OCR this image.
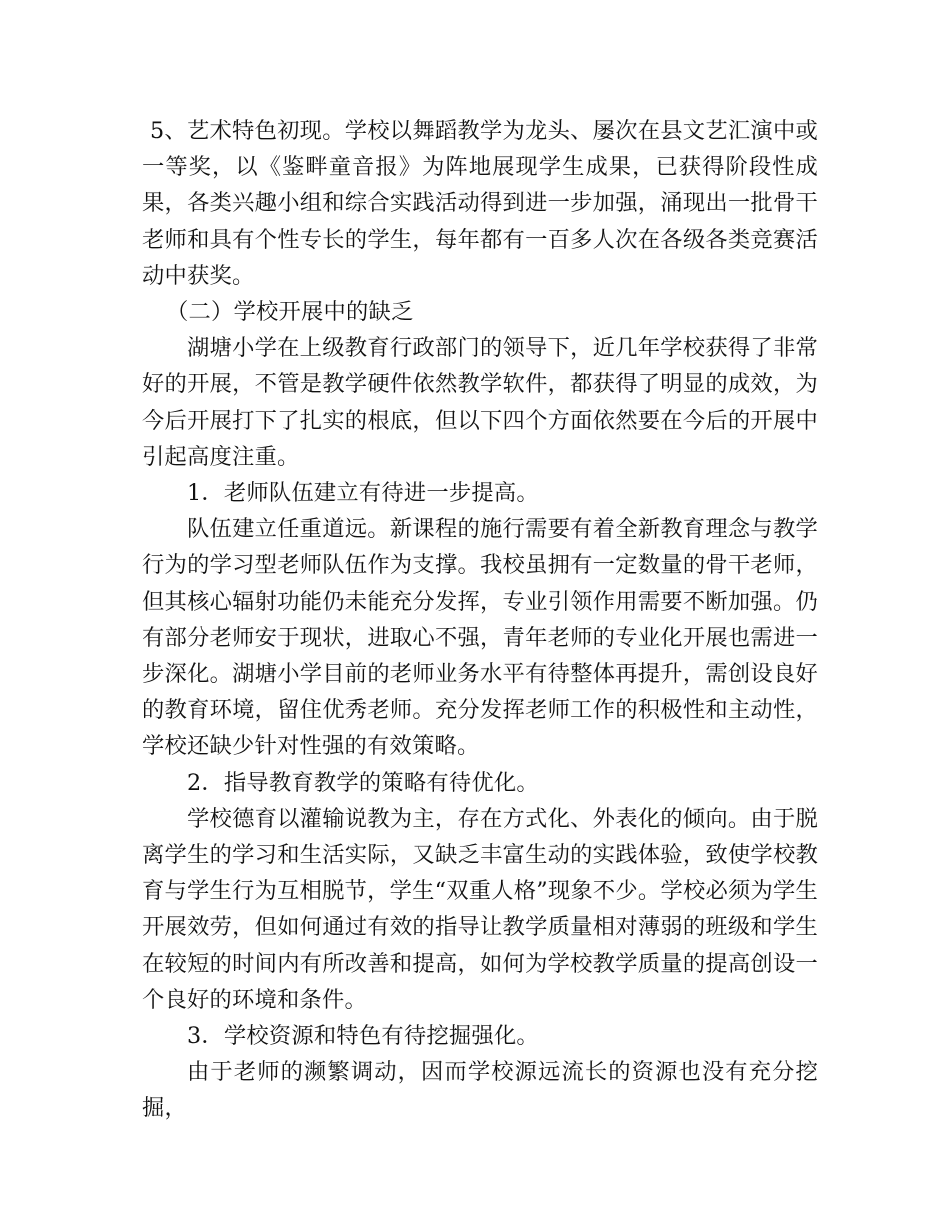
5、艺术特色初现。学校以舞蹈教学为龙头、屡次在县文艺汇演中或一等奖，以《鉴畔童音报》为阵地展现学生成果，已获得阶段性成果，各类兴趣小组和综合实践活动得到进一步加强，涌现出一批骨干老师和具有个性专长的学生，每年都有一百多人次在各级各类竞赛活动中获奖。

（二）学校开展中的缺乏

湖塘小学在上级教育行政部门的领导下，近几年学校获得了非常好的开展，不管是教学硬件依然教学软件，都获得了明显的成效，为今后开展打下了扎实的根底，但以下四个方面依然要在今后的开展中引起高度注重。

1．老师队伍建立有待进一步提高。

队伍建立任重道远。新课程的施行需要有着全新教育理念与教学行为的学习型老师队伍作为支撑。我校虽拥有一定数量的骨干老师，但其核心辐射功能仍未能充分发挥，专业引领作用需要不断加强。仍有部分老师安于现状，进取心不强，青年老师的专业化开展也需进一步深化。湖塘小学目前的老师业务水平有待整体再提升，需创设良好的教育环境，留住优秀老师。充分发挥老师工作的积极性和主动性，学校还缺少针对性强的有效策略。

2．指导教育教学的策略有待优化。

学校德育以灌输说教为主，存在方式化、外表化的倾向。由于脱离学生的学习和生活实际，又缺乏丰富生动的实践体验，致使学校教育与学生行为互相脱节，学生“双重人格”现象不少。学校必须为学生开展效劳，但如何通过有效的指导让教学质量相对薄弱的班级和学生在较短的时间内有所改善和提高，如何为学校教学质量的提高创设一个良好的环境和条件。

3．学校资源和特色有待挖掘强化。

由于老师的濒繁调动，因而学校源远流长的资源也没有充分挖掘，
